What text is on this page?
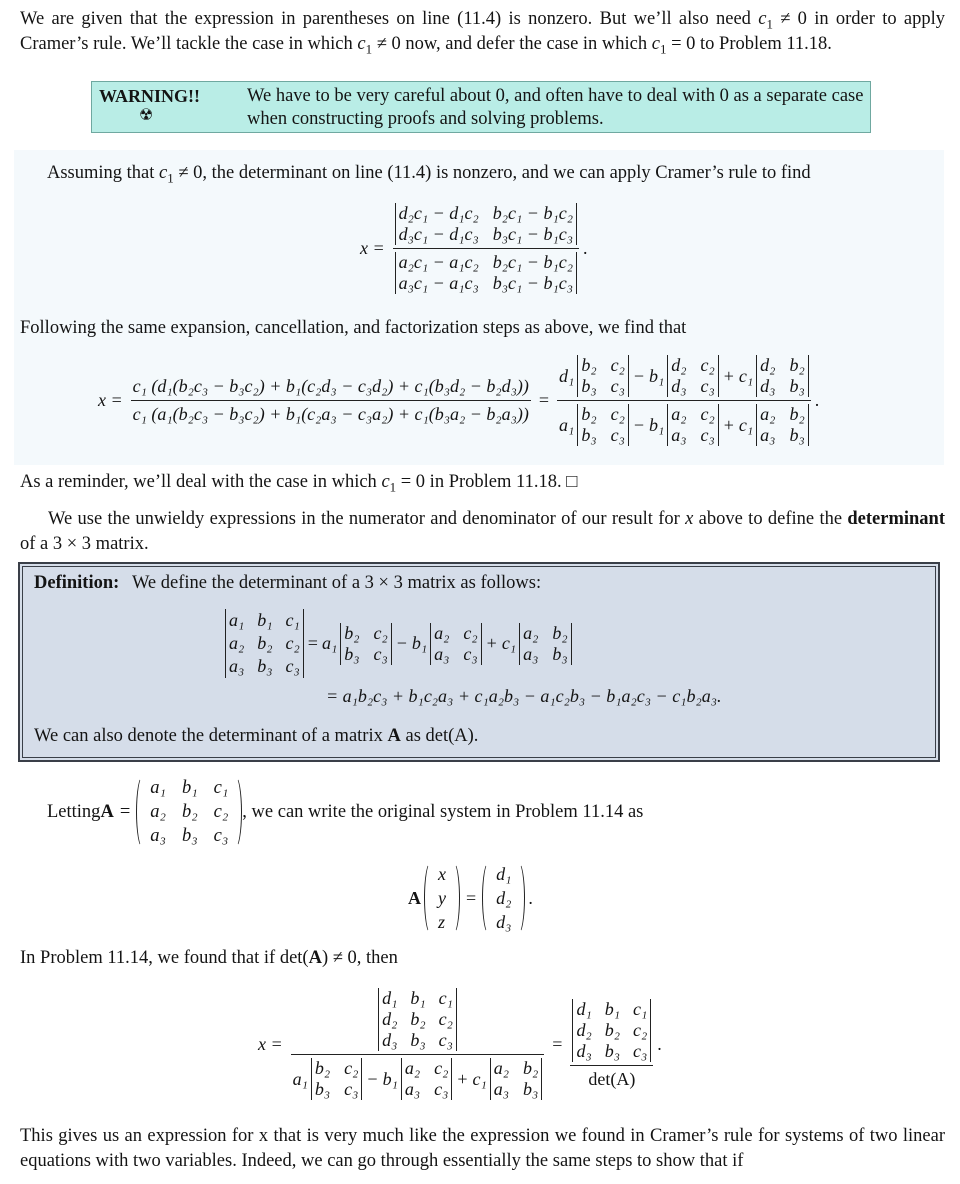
We are given that the expression in parentheses on line (11.4) is nonzero. But we’ll also need $c_1 \ne 0$ in order to apply Cramer’s rule. We’ll tackle the case in which $c_1 \ne 0$ now, and defer the case in which $c_1 = 0$ to Problem 11.18.
WARNING!!
☢
We have to be very careful about 0, and often have to deal with 0 as a separate case when constructing proofs and solving problems.
Assuming that $c_1 \ne 0$, the determinant on line (11.4) is nonzero, and we can apply Cramer’s rule to find
x = d₂c₁ − d₁c₂ b₂c₁ − b₁c₂
d₃c₁ − d₁c₃ b₃c₁ − b₁c₃
a₂c₁ − a₁c₂ b₂c₁ − b₁c₂
a₃c₁ − a₁c₃ b₃c₁ − b₁c₃ .
Following the same expansion, cancellation, and factorization steps as above, we find that
$x = \frac{\text{c₁ (d₁(b₂c₃ − b₃c₂) + b₁(c₂d₃ − c₃d₂) + c₁(b₃d₂ − b₂d₃))}}{\text{c₁ (a₁(b₂c₃ − b₃c₂) + b₁(c₂a₃ − c₃a₂) + c₁(b₃a₂ − b₂a₃))}} = d_1$
b₂ c₂
b₃ c₃
− b₁
d₂ c₂
d₃ c₃
+ c₁
d₂ b₂
d₃ b₃
a₁
b₂ c₂
b₃ c₃
− b₁
a₂ c₂
a₃ c₃
+ c₁
a₂ b₂
a₃ b₃ .
As a reminder, we’ll deal with the case in which $c_1 = 0$ in Problem 11.18. □
We use the unwieldy expressions in the numerator and denominator of our result for x above to define the determinant of a 3 × 3 matrix.
Definition: We define the determinant of a 3 × 3 matrix as follows:
a₁ b₁ c₁
a₂ b₂ c₂
a₃ b₃ c₃
= a₁
b₂ c₂
b₃ c₃
− b₁
a₂ c₂
a₃ c₃
+ c₁
a₂ b₂
a₃ b₃
= a₁b₂c₃ + b₁c₂a₃ + c₁a₂b₃ − a₁c₂b₃ − b₁a₂c₃ − c₁b₂a₃.
We can also denote the determinant of a matrix A as det(A).
Letting A =
a₁ b₁ c₁
a₂ b₂ c₂
a₃ b₃ c₃
, we can write the original system in Problem 11.14 as
A
x
y
z
=
d₁
d₂
d₃
.
In Problem 11.14, we found that if det(A) ≠ 0, then
x = d₁ b₁ c₁
d₂ b₂ c₂
d₃ b₃ c₃
a₁
b₂ c₂
b₃ c₃
− b₁
a₂ c₂
a₃ c₃
+ c₁
a₂ b₂
a₃ b₃ = d₁ b₁ c₁
d₂ b₂ c₂
d₃ b₃ c₃
det(A) .
This gives us an expression for x that is very much like the expression we found in Cramer’s rule for systems of two linear equations with two variables. Indeed, we can go through essentially the same steps to show that if
